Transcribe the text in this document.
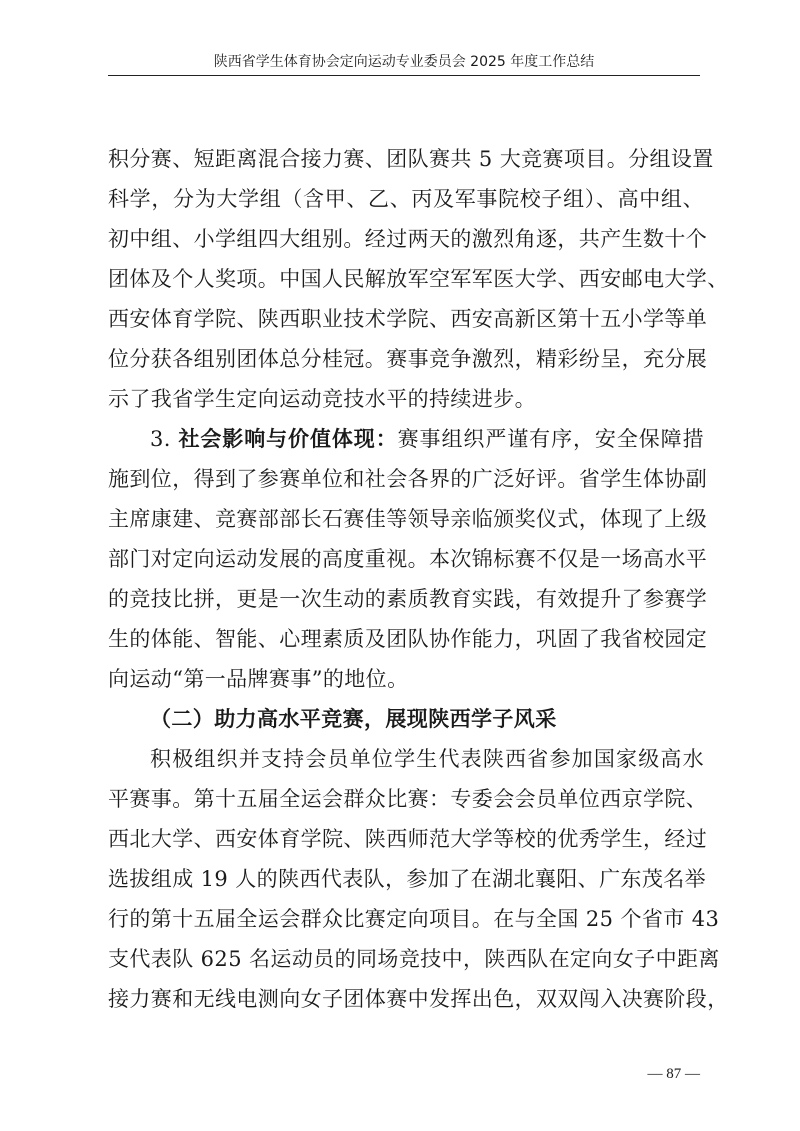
陕西省学生体育协会定向运动专业委员会 2025 年度工作总结
积分赛、短距离混合接力赛、团队赛共 5 大竞赛项目。分组设置
科学，分为大学组（含甲、乙、丙及军事院校子组）、高中组、
初中组、小学组四大组别。经过两天的激烈角逐，共产生数十个
团体及个人奖项。中国人民解放军空军军医大学、西安邮电大学、
西安体育学院、陕西职业技术学院、西安高新区第十五小学等单
位分获各组别团体总分桂冠。赛事竞争激烈，精彩纷呈，充分展
示了我省学生定向运动竞技水平的持续进步。
3. 社会影响与价值体现：赛事组织严谨有序，安全保障措
施到位，得到了参赛单位和社会各界的广泛好评。省学生体协副
主席康建、竞赛部部长石赛佳等领导亲临颁奖仪式，体现了上级
部门对定向运动发展的高度重视。本次锦标赛不仅是一场高水平
的竞技比拼，更是一次生动的素质教育实践，有效提升了参赛学
生的体能、智能、心理素质及团队协作能力，巩固了我省校园定
向运动“第一品牌赛事”的地位。
（二）助力高水平竞赛，展现陕西学子风采
积极组织并支持会员单位学生代表陕西省参加国家级高水
平赛事。第十五届全运会群众比赛：专委会会员单位西京学院、
西北大学、西安体育学院、陕西师范大学等校的优秀学生，经过
选拔组成 19 人的陕西代表队，参加了在湖北襄阳、广东茂名举
行的第十五届全运会群众比赛定向项目。在与全国 25 个省市 43
支代表队 625 名运动员的同场竞技中，陕西队在定向女子中距离
接力赛和无线电测向女子团体赛中发挥出色，双双闯入决赛阶段，
— 87 —
